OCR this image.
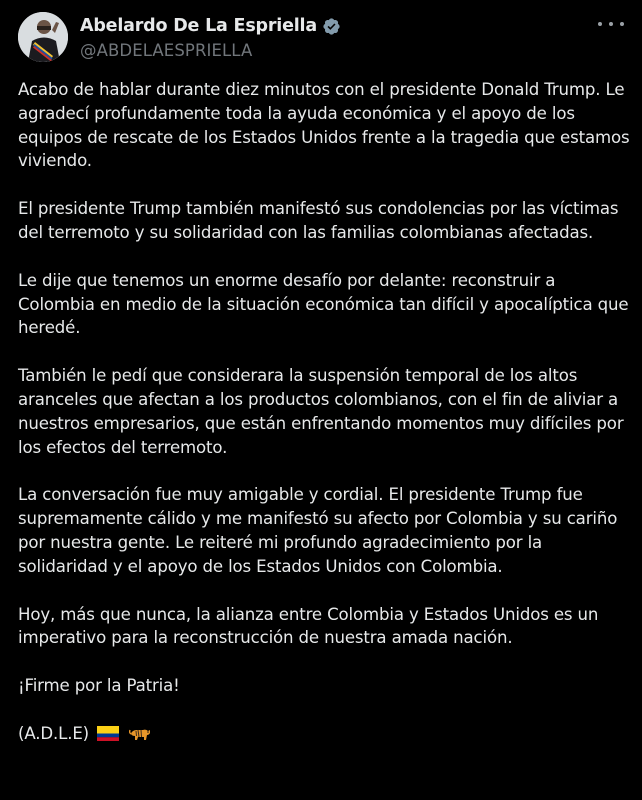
Abelardo De La Espriella
@ABDELAESPRIELLA

Acabo de hablar durante diez minutos con el presidente Donald Trump. Le agradecí profundamente toda la ayuda económica y el apoyo de los equipos de rescate de los Estados Unidos frente a la tragedia que estamos viviendo.

El presidente Trump también manifestó sus condolencias por las víctimas del terremoto y su solidaridad con las familias colombianas afectadas.

Le dije que tenemos un enorme desafío por delante: reconstruir a Colombia en medio de la situación económica tan difícil y apocalíptica que heredé.

También le pedí que considerara la suspensión temporal de los altos aranceles que afectan a los productos colombianos, con el fin de aliviar a nuestros empresarios, que están enfrentando momentos muy difíciles por los efectos del terremoto.

La conversación fue muy amigable y cordial. El presidente Trump fue supremamente cálido y me manifestó su afecto por Colombia y su cariño por nuestra gente. Le reiteré mi profundo agradecimiento por la solidaridad y el apoyo de los Estados Unidos con Colombia.

Hoy, más que nunca, la alianza entre Colombia y Estados Unidos es un imperativo para la reconstrucción de nuestra amada nación.

¡Firme por la Patria!

(A.D.L.E)
